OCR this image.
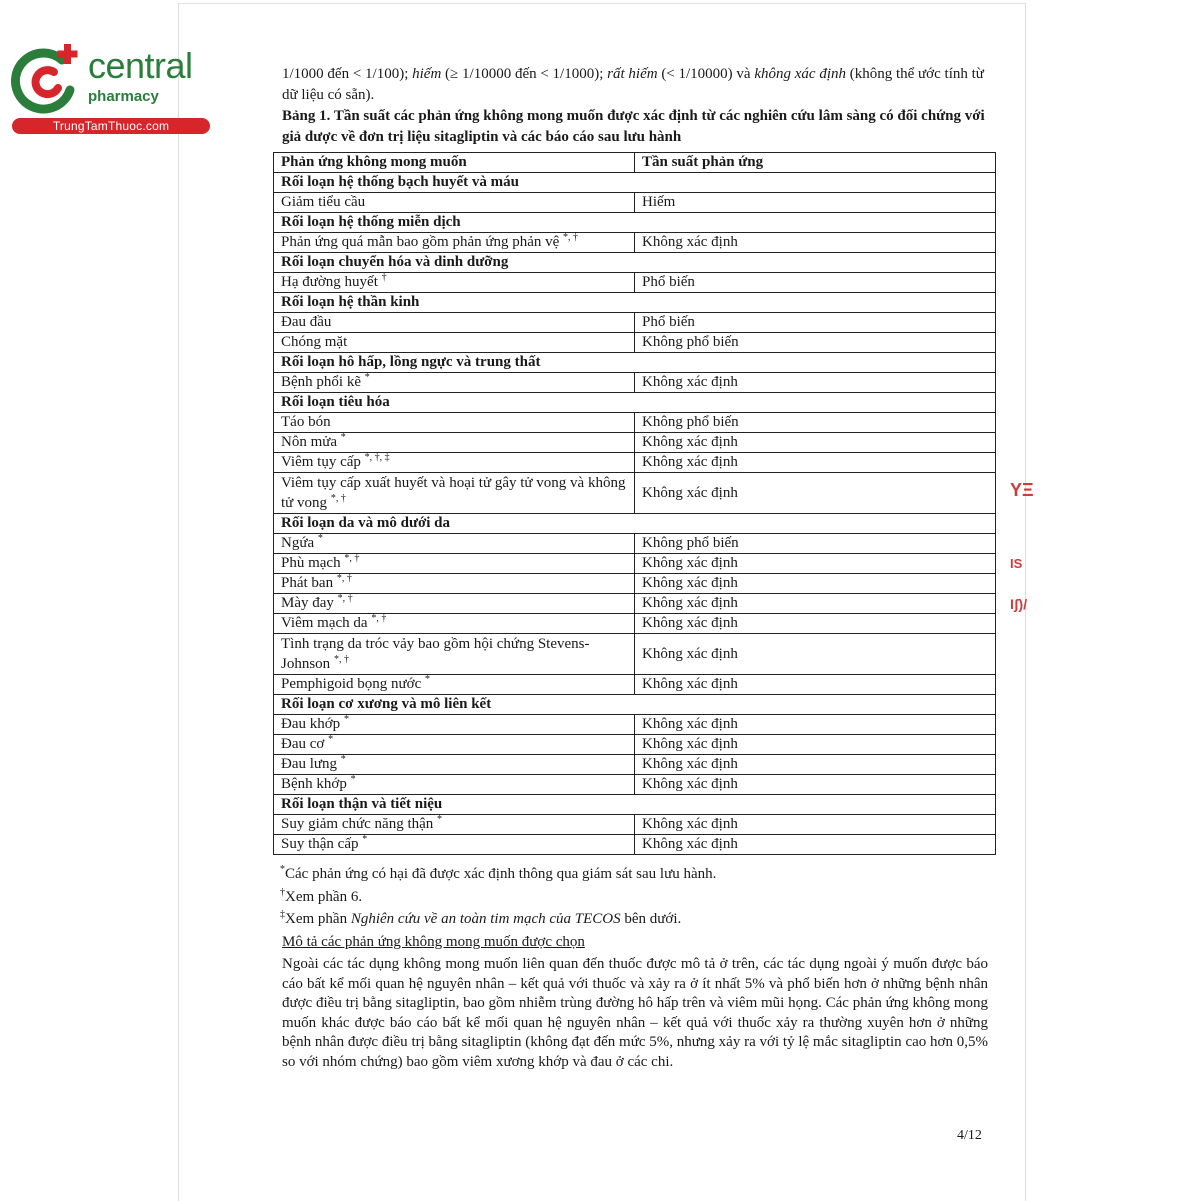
central
pharmacy
TrungTamThuoc.com
1/1000 đến < 1/100); hiếm (≥ 1/10000 đến < 1/1000); rất hiếm (< 1/10000) và không xác định (không thể ước tính từ dữ liệu có sẵn).
Bảng 1. Tần suất các phản ứng không mong muốn được xác định từ các nghiên cứu lâm sàng có đối chứng với giả dược về đơn trị liệu sitagliptin và các báo cáo sau lưu hành
Phản ứng không mong muốn	Tần suất phản ứng
Rối loạn hệ thống bạch huyết và máu	
Giảm tiểu cầu	Hiếm
Rối loạn hệ thống miễn dịch	
Phản ứng quá mẫn bao gồm phản ứng phản vệ *, †	Không xác định
Rối loạn chuyển hóa và dinh dưỡng	
Hạ đường huyết †	Phổ biến
Rối loạn hệ thần kinh	
Đau đầu	Phổ biến
Chóng mặt	Không phổ biến
Rối loạn hô hấp, lồng ngực và trung thất	
Bệnh phổi kẽ *	Không xác định
Rối loạn tiêu hóa	
Táo bón	Không phổ biến
Nôn mửa *	Không xác định
Viêm tụy cấp *, †, ‡	Không xác định
Viêm tụy cấp xuất huyết và hoại tử gây tử vong và không tử vong *, †	Không xác định
Rối loạn da và mô dưới da	
Ngứa *	Không phổ biến
Phù mạch *, †	Không xác định
Phát ban *, †	Không xác định
Mày đay *, †	Không xác định
Viêm mạch da *, †	Không xác định
Tình trạng da tróc vảy bao gồm hội chứng Stevens-Johnson *, †	Không xác định
Pemphigoid bọng nước *	Không xác định
Rối loạn cơ xương và mô liên kết	
Đau khớp *	Không xác định
Đau cơ *	Không xác định
Đau lưng *	Không xác định
Bệnh khớp *	Không xác định
Rối loạn thận và tiết niệu	
Suy giảm chức năng thận *	Không xác định
Suy thận cấp *	Không xác định
*Các phản ứng có hại đã được xác định thông qua giám sát sau lưu hành.
†Xem phần 6.
‡Xem phần Nghiên cứu về an toàn tim mạch của TECOS bên dưới.
Mô tả các phản ứng không mong muốn được chọn
Ngoài các tác dụng không mong muốn liên quan đến thuốc được mô tả ở trên, các tác dụng ngoài ý muốn được báo cáo bất kể mối quan hệ nguyên nhân – kết quả với thuốc và xảy ra ở ít nhất 5% và phổ biến hơn ở những bệnh nhân được điều trị bằng sitagliptin, bao gồm nhiễm trùng đường hô hấp trên và viêm mũi họng. Các phản ứng không mong muốn khác được báo cáo bất kể mối quan hệ nguyên nhân – kết quả với thuốc xảy ra thường xuyên hơn ở những bệnh nhân được điều trị bằng sitagliptin (không đạt đến mức 5%, nhưng xảy ra với tỷ lệ mắc sitagliptin cao hơn 0,5% so với nhóm chứng) bao gồm viêm xương khớp và đau ở các chi.
4/12
ΥΞ
IS
Iʃ)/
